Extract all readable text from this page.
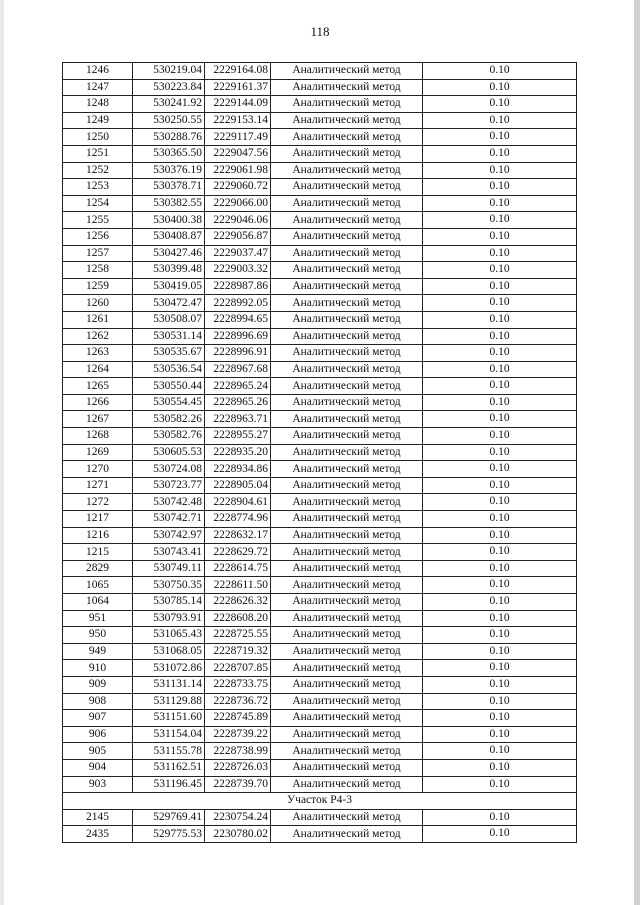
118
1246	530219.04	2229164.08	Аналитический метод	0.10
1247	530223.84	2229161.37	Аналитический метод	0.10
1248	530241.92	2229144.09	Аналитический метод	0.10
1249	530250.55	2229153.14	Аналитический метод	0.10
1250	530288.76	2229117.49	Аналитический метод	0.10
1251	530365.50	2229047.56	Аналитический метод	0.10
1252	530376.19	2229061.98	Аналитический метод	0.10
1253	530378.71	2229060.72	Аналитический метод	0.10
1254	530382.55	2229066.00	Аналитический метод	0.10
1255	530400.38	2229046.06	Аналитический метод	0.10
1256	530408.87	2229056.87	Аналитический метод	0.10
1257	530427.46	2229037.47	Аналитический метод	0.10
1258	530399.48	2229003.32	Аналитический метод	0.10
1259	530419.05	2228987.86	Аналитический метод	0.10
1260	530472.47	2228992.05	Аналитический метод	0.10
1261	530508.07	2228994.65	Аналитический метод	0.10
1262	530531.14	2228996.69	Аналитический метод	0.10
1263	530535.67	2228996.91	Аналитический метод	0.10
1264	530536.54	2228967.68	Аналитический метод	0.10
1265	530550.44	2228965.24	Аналитический метод	0.10
1266	530554.45	2228965.26	Аналитический метод	0.10
1267	530582.26	2228963.71	Аналитический метод	0.10
1268	530582.76	2228955.27	Аналитический метод	0.10
1269	530605.53	2228935.20	Аналитический метод	0.10
1270	530724.08	2228934.86	Аналитический метод	0.10
1271	530723.77	2228905.04	Аналитический метод	0.10
1272	530742.48	2228904.61	Аналитический метод	0.10
1217	530742.71	2228774.96	Аналитический метод	0.10
1216	530742.97	2228632.17	Аналитический метод	0.10
1215	530743.41	2228629.72	Аналитический метод	0.10
2829	530749.11	2228614.75	Аналитический метод	0.10
1065	530750.35	2228611.50	Аналитический метод	0.10
1064	530785.14	2228626.32	Аналитический метод	0.10
951	530793.91	2228608.20	Аналитический метод	0.10
950	531065.43	2228725.55	Аналитический метод	0.10
949	531068.05	2228719.32	Аналитический метод	0.10
910	531072.86	2228707.85	Аналитический метод	0.10
909	531131.14	2228733.75	Аналитический метод	0.10
908	531129.88	2228736.72	Аналитический метод	0.10
907	531151.60	2228745.89	Аналитический метод	0.10
906	531154.04	2228739.22	Аналитический метод	0.10
905	531155.78	2228738.99	Аналитический метод	0.10
904	531162.51	2228726.03	Аналитический метод	0.10
903	531196.45	2228739.70	Аналитический метод	0.10
Участок Р4-3				
2145	529769.41	2230754.24	Аналитический метод	0.10
2435	529775.53	2230780.02	Аналитический метод	0.10
